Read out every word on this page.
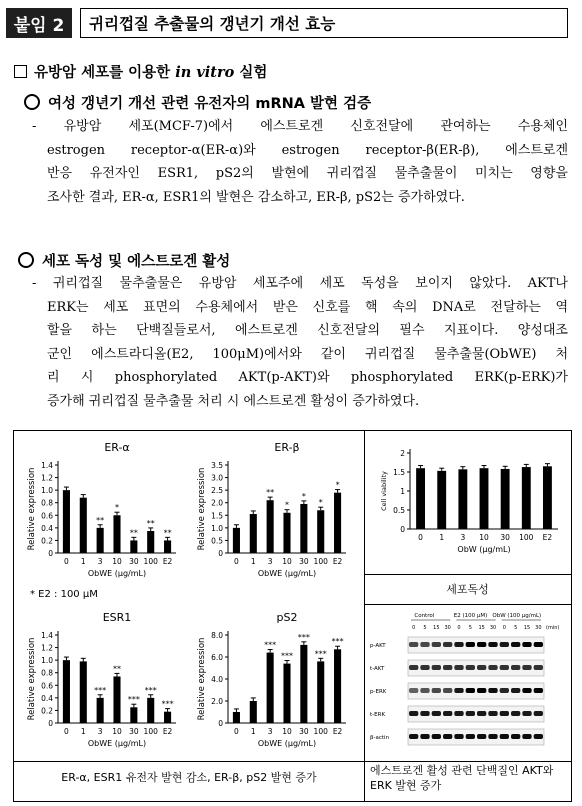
붙임 2	귀리껍질 추출물의 갱년기 개선 효능
유방암 세포를 이용한 in vitro 실험
여성 갱년기 개선 관련 유전자의 mRNA 발현 검증
- 유방암 세포(MCF-7)에서 에스트로겐 신호전달에 관여하는 수용체인
estrogen receptor-α(ER-α)와 estrogen receptor-β(ER-β), 에스트로겐
반응 유전자인 ESR1, pS2의 발현에 귀리껍질 물추출물이 미치는 영향을
조사한 결과, ER-α, ESR1의 발현은 감소하고, ER-β, pS2는 증가하였다.
세포 독성 및 에스트로겐 활성
- 귀리껍질 물추출물은 유방암 세포주에 세포 독성을 보이지 않았다. AKT나
ERK는 세포 표면의 수용체에서 받은 신호를 핵 속의 DNA로 전달하는 역
할을 하는 단백질들로서, 에스트로겐 신호전달의 필수 지표이다. 양성대조
군인 에스트라디올(E2, 100μM)에서와 같이 귀리껍질 물추출물(ObWE) 처
리 시 phosphorylated AKT(p-AKT)와 phosphorylated ERK(p-ERK)가
증가해 귀리껍질 물추출물 처리 시 에스트로겐 활성이 증가하였다.
ER-α
0
0.2
0.4
0.6
0.8
1.0
1.2
1.4
0 1
**
3
*
10
**
30
**
100
**
E2
ObWE (μg/mL)
Relative expression
ER-β
0
0.5
1.0
1.5
2.0
2.5
3.0
3.5
0 1
**
3
*
10
*
30
*
100
*
E2
ObWE (μg/mL)
Relative expression
* E2 : 100 μM
ESR1
0
0.2
0.4
0.6
0.8
1.0
1.2
1.4
0 1
***
3
**
10
***
30
***
100
***
E2
ObWE (μg/mL)
Relative expression
pS2
0
2.0
4.0
6.0
8.0
0 1
***
3
***
10
***
30
***
100
***
E2
ObWE (μg/mL)
Relative expression
0
0.5
1
1.5
2
0 1 3 10 30 100 E2
ObW (μg/mL)
Cell viability
세포독성
Control	E2 (100 μM) ObW (100 μg/mL)
0 5 15 30 0 5 15 30 0 5 15 30 (min)
p-AKT
t-AKT
p-ERK
t-ERK
β-actin
ER-α, ESR1 유전자 발현 감소, ER-β, pS2 발현 증가
에스트로겐 활성 관련 단백질인 AKT와 ERK 발현 증가
